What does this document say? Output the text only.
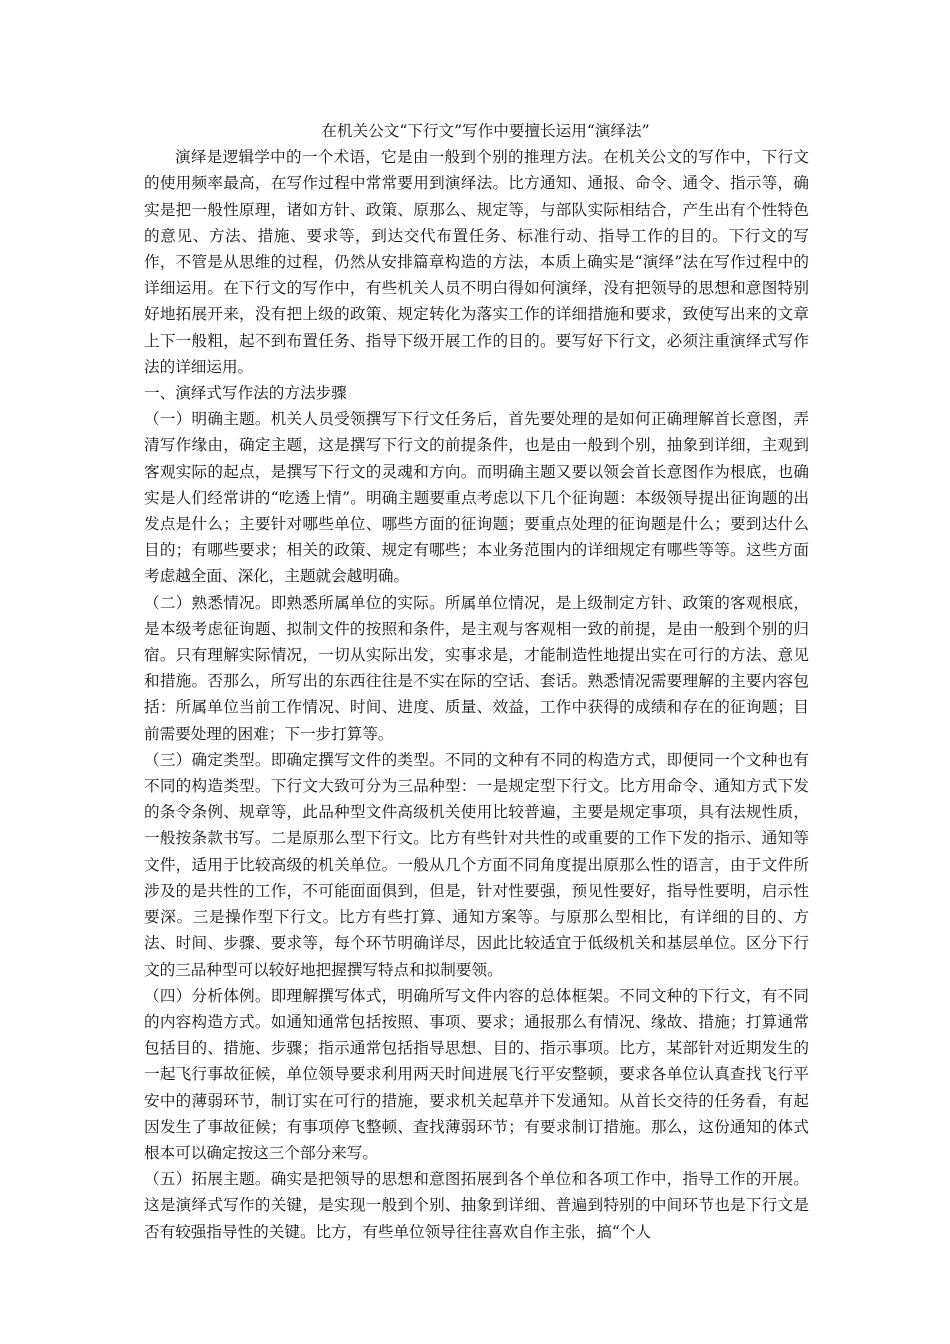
在机关公文“下行文”写作中要擅长运用“演绎法”

演绎是逻辑学中的一个术语，它是由一般到个别的推理方法。在机关公文的写作中，下行文的使用频率最高，在写作过程中常常要用到演绎法。比方通知、通报、命令、通令、指示等，确实是把一般性原理，诸如方针、政策、原那么、规定等，与部队实际相结合，产生出有个性特色的意见、方法、措施、要求等，到达交代布置任务、标准行动、指导工作的目的。下行文的写作，不管是从思维的过程，仍然从安排篇章构造的方法，本质上确实是“演绎”法在写作过程中的详细运用。在下行文的写作中，有些机关人员不明白得如何演绎，没有把领导的思想和意图特别好地拓展开来，没有把上级的政策、规定转化为落实工作的详细措施和要求，致使写出来的文章上下一般粗，起不到布置任务、指导下级开展工作的目的。要写好下行文，必须注重演绎式写作法的详细运用。

一、演绎式写作法的方法步骤

（一）明确主题。机关人员受领撰写下行文任务后，首先要处理的是如何正确理解首长意图，弄清写作缘由，确定主题，这是撰写下行文的前提条件，也是由一般到个别，抽象到详细，主观到客观实际的起点，是撰写下行文的灵魂和方向。而明确主题又要以领会首长意图作为根底，也确实是人们经常讲的“吃透上情”。明确主题要重点考虑以下几个征询题：本级领导提出征询题的出发点是什么；主要针对哪些单位、哪些方面的征询题；要重点处理的征询题是什么；要到达什么目的；有哪些要求；相关的政策、规定有哪些；本业务范围内的详细规定有哪些等等。这些方面考虑越全面、深化，主题就会越明确。

（二）熟悉情况。即熟悉所属单位的实际。所属单位情况，是上级制定方针、政策的客观根底，是本级考虑征询题、拟制文件的按照和条件，是主观与客观相一致的前提，是由一般到个别的归宿。只有理解实际情况，一切从实际出发，实事求是，才能制造性地提出实在可行的方法、意见和措施。否那么，所写出的东西往往是不实在际的空话、套话。熟悉情况需要理解的主要内容包括：所属单位当前工作情况、时间、进度、质量、效益，工作中获得的成绩和存在的征询题；目前需要处理的困难；下一步打算等。

（三）确定类型。即确定撰写文件的类型。不同的文种有不同的构造方式，即便同一个文种也有不同的构造类型。下行文大致可分为三品种型：一是规定型下行文。比方用命令、通知方式下发的条令条例、规章等，此品种型文件高级机关使用比较普遍，主要是规定事项，具有法规性质，一般按条款书写。二是原那么型下行文。比方有些针对共性的或重要的工作下发的指示、通知等文件，适用于比较高级的机关单位。一般从几个方面不同角度提出原那么性的语言，由于文件所涉及的是共性的工作，不可能面面俱到，但是，针对性要强，预见性要好，指导性要明，启示性要深。三是操作型下行文。比方有些打算、通知方案等。与原那么型相比，有详细的目的、方法、时间、步骤、要求等，每个环节明确详尽，因此比较适宜于低级机关和基层单位。区分下行文的三品种型可以较好地把握撰写特点和拟制要领。

（四）分析体例。即理解撰写体式，明确所写文件内容的总体框架。不同文种的下行文，有不同的内容构造方式。如通知通常包括按照、事项、要求；通报那么有情况、缘故、措施；打算通常包括目的、措施、步骤；指示通常包括指导思想、目的、指示事项。比方，某部针对近期发生的一起飞行事故征候，单位领导要求利用两天时间进展飞行平安整顿，要求各单位认真查找飞行平安中的薄弱环节，制订实在可行的措施，要求机关起草并下发通知。从首长交待的任务看，有起因发生了事故征候；有事项停飞整顿、查找薄弱环节；有要求制订措施。那么，这份通知的体式根本可以确定按这三个部分来写。

（五）拓展主题。确实是把领导的思想和意图拓展到各个单位和各项工作中，指导工作的开展。这是演绎式写作的关键，是实现一般到个别、抽象到详细、普遍到特别的中间环节也是下行文是否有较强指导性的关键。比方，有些单位领导往往喜欢自作主张，搞“个人
